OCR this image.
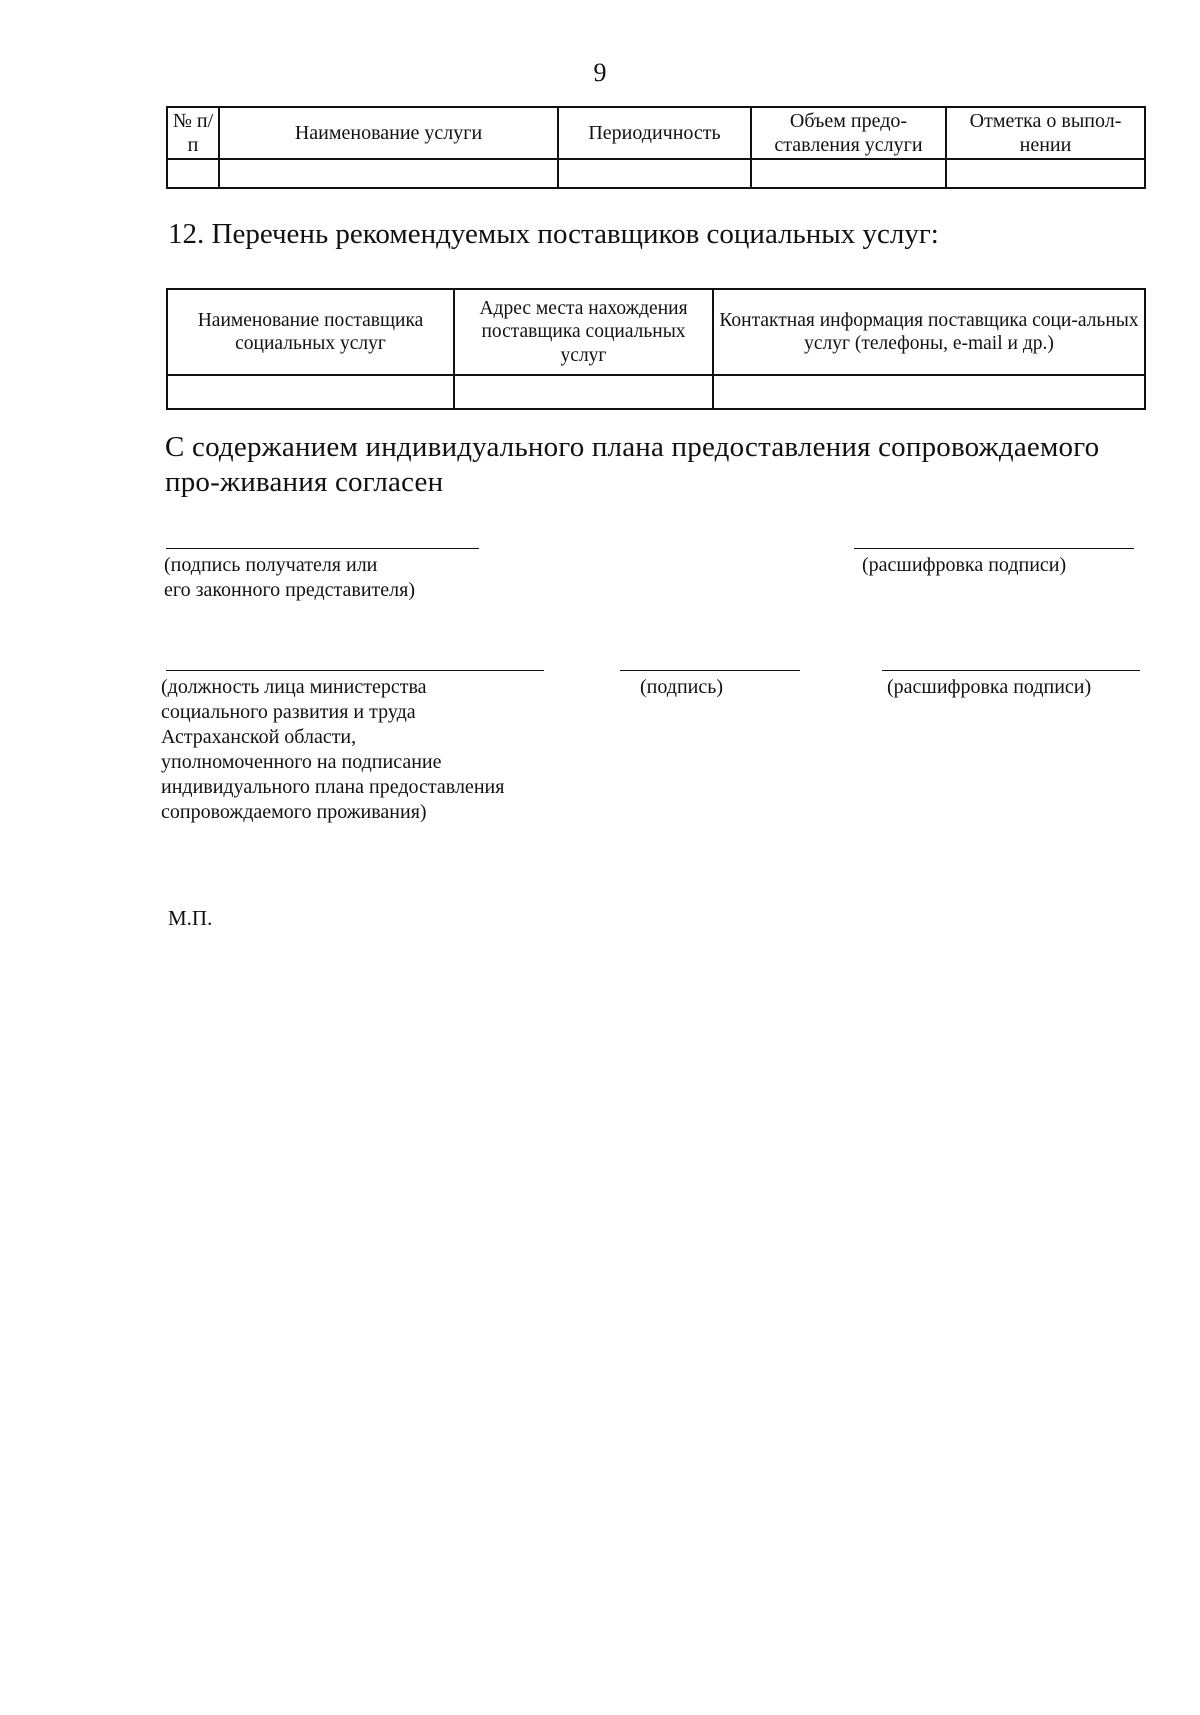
9
№ п/п	Наименование услуги	Периодичность	Объем предо-ставления услуги	Отметка о выпол-нении

12. Перечень рекомендуемых поставщиков социальных услуг:
Наименование поставщика социальных услуг	Адрес места нахождения поставщика социальных услуг	Контактная информация поставщика соци-альных услуг (телефоны, e-mail и др.)

С содержанием индивидуального плана предоставления сопровождаемого про-живания согласен
(подпись получателя или
его законного представителя)
(расшифровка подписи)
(должность лица министерства
социального развития и труда
Астраханской области,
уполномоченного на подписание
индивидуального плана предоставления
сопровождаемого проживания)
(подпись)	(расшифровка подписи)
М.П.
